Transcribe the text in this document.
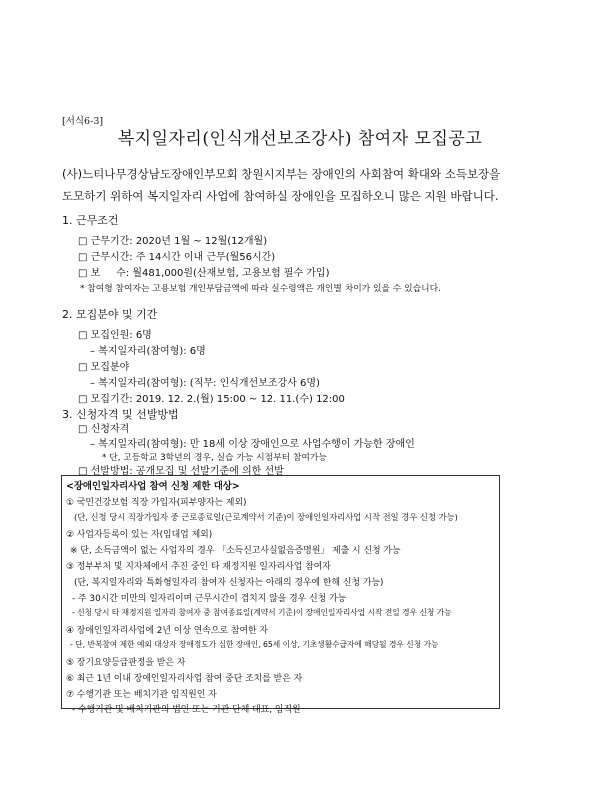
[서식6-3]
복지일자리(인식개선보조강사) 참여자 모집공고
(사)느티나무경상남도장애인부모회 창원시지부는 장애인의 사회참여 확대와 소득보장을
도모하기 위하여 복지일자리 사업에 참여하실 장애인을 모집하오니 많은 지원 바랍니다.
1. 근무조건
□ 근무기간: 2020년 1월 ~ 12월(12개월)
□ 근무시간: 주 14시간 이내 근무(월56시간)
□ 보     수: 월481,000원(산재보험, 고용보험 필수 가입)
* 참여형 참여자는 고용보험 개인부담금액에 따라 실수령액은 개인별 차이가 있을 수 있습니다.
2. 모집분야 및 기간
□ 모집인원: 6명
– 복지일자리(참여형): 6명
□ 모집분야
– 복지일자리(참여형): (직무: 인식개선보조강사 6명)
□ 모집기간: 2019. 12. 2.(월) 15:00 ~ 12. 11.(수) 12:00
3. 신청자격 및 선발방법
□ 신청자격
– 복지일자리(참여형): 만 18세 이상 장애인으로 사업수행이 가능한 장애인
* 단, 고등학교 3학년의 경우, 실습 가능 시점부터 참여가능
□ 선발방법: 공개모집 및 선발기준에 의한 선발
<장애인일자리사업 참여 신청 제한 대상>
① 국민건강보험 직장 가입자(피부양자는 제외)
(단, 신청 당시 직장가입자 중 근로종료일(근로계약서 기준)이 장애인일자리사업 시작 전일 경우 신청 가능)
② 사업자등록이 있는 자(임대업 제외)
※ 단, 소득금액이 없는 사업자의 경우 「소득신고사실없음증명원」 제출 시 신청 가능
③ 정부부처 및 지자체에서 추진 중인 타 재정지원 일자리사업 참여자
(단, 복지일자리와 특화형일자리 참여자 신청자는 아래의 경우에 한해 신청 가능)
- 주 30시간 미만의 일자리이며 근무시간이 겹치지 않을 경우 신청 가능
- 신청 당시 타 재정지원 일자리 참여자 중 참여종료일(계약서 기준)이 장애인일자리사업 시작 전일 경우 신청 가능
④ 장애인일자리사업에 2년 이상 연속으로 참여한 자
- 단, 반복참여 제한 예외 대상자 장애정도가 심한 장애인, 65세 이상, 기초생활수급자에 해당될 경우 신청 가능
⑤ 장기요양등급판정을 받은 자
⑥ 최근 1년 이내 장애인일자리사업 참여 중단 조치를 받은 자
⑦ 수행기관 또는 배치기관 임직원인 자
- 수행기관 및 배치기관의 법인 또는 기관 단체 대표, 임직원
